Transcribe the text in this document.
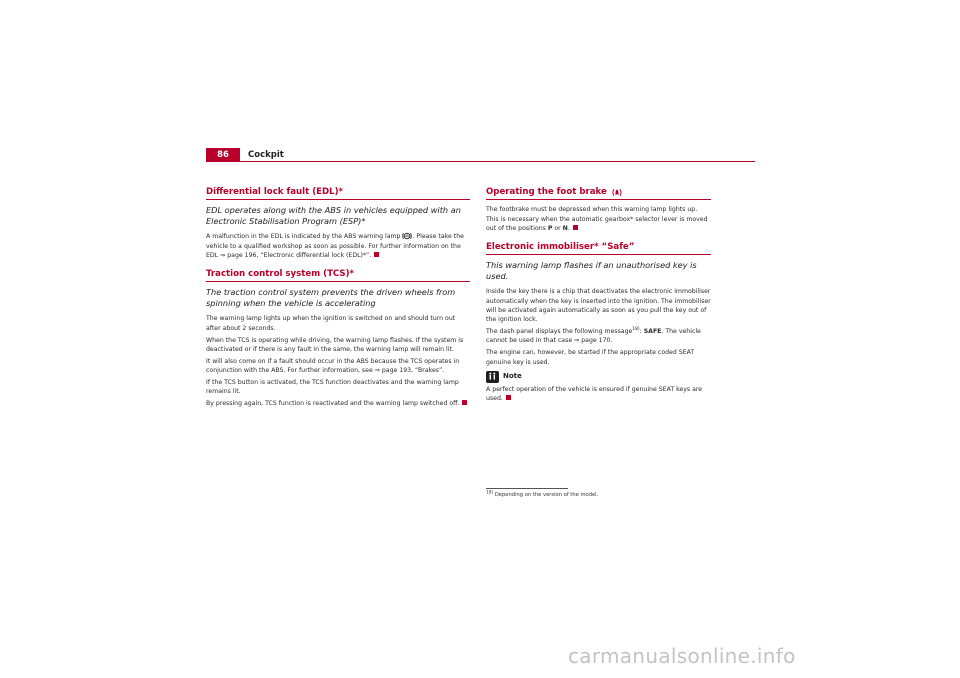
86	Cockpit
Differential lock fault (EDL)*
EDL operates along with the ABS in vehicles equipped with an Electronic Stabilisation Program (ESP)*

A malfunction in the EDL is indicated by the ABS warning lamp . Please take the vehicle to a qualified workshop as soon as possible. For further information on the EDL ⇒ page 196, “Electronic differential lock (EDL)*”.

Traction control system (TCS)*
The traction control system prevents the driven wheels from spinning when the vehicle is accelerating

The warning lamp lights up when the ignition is switched on and should turn out after about 2 seconds.

When the TCS is operating while driving, the warning lamp flashes. If the system is deactivated or if there is any fault in the same, the warning lamp will remain lit.

It will also come on if a fault should occur in the ABS because the TCS operates in conjunction with the ABS. For further information, see ⇒ page 193, “Brakes”.

If the TCS button is activated, the TCS function deactivates and the warning lamp remains lit.

By pressing again, TCS function is reactivated and the warning lamp switched off.

Operating the foot brake

The footbrake must be depressed when this warning lamp lights up. This is necessary when the automatic gearbox* selector lever is moved out of the positions P or N.

Electronic immobiliser* “Safe”
This warning lamp flashes if an unauthorised key is used.

Inside the key there is a chip that deactivates the electronic immobiliser automatically when the key is inserted into the ignition. The immobiliser will be activated again automatically as soon as you pull the key out of the ignition lock.

The dash panel displays the following message$^{18)}$: SAFE. The vehicle cannot be used in that case ⇒ page 170.

The engine can, however, be started if the appropriate coded SEAT genuine key is used.

Note

A perfect operation of the vehicle is ensured if genuine SEAT keys are used.

$^{18)}$ Depending on the version of the model.
carmanualsonline.info
